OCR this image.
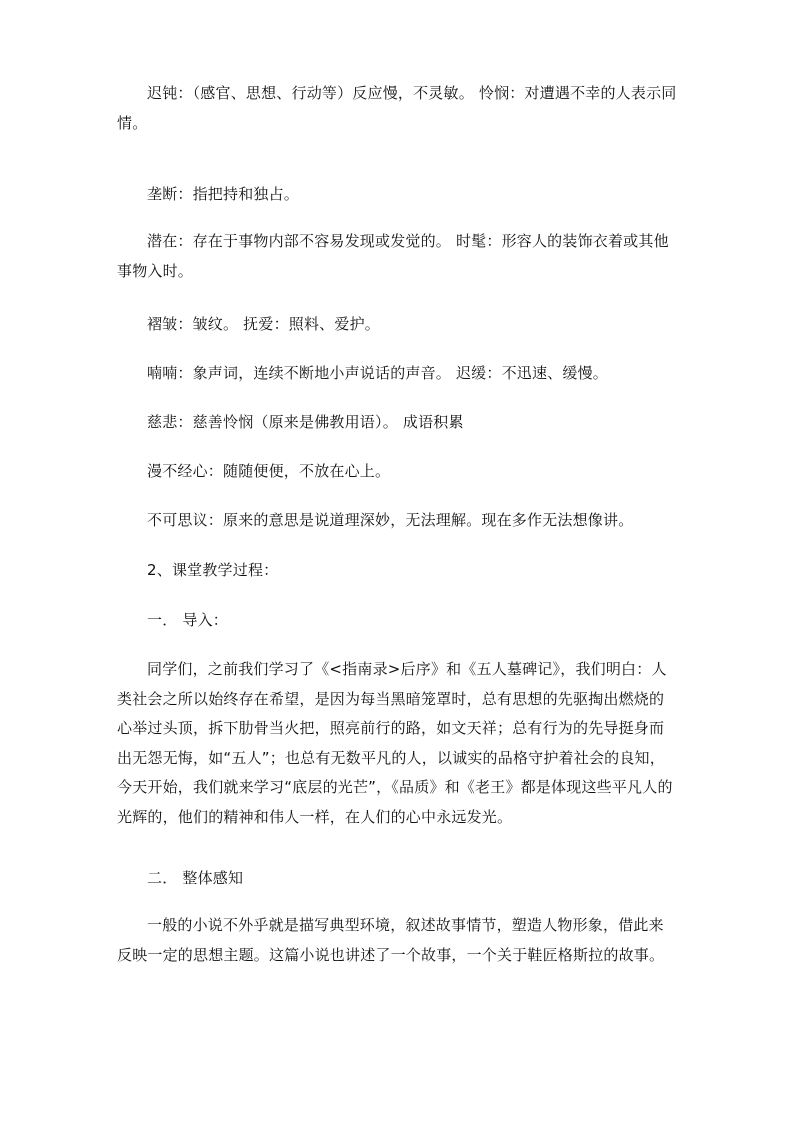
迟钝：（感官、思想、行动等）反应慢，不灵敏。 怜悯：对遭遇不幸的人表示同情。

垄断：指把持和独占。

潜在：存在于事物内部不容易发现或发觉的。 时髦：形容人的装饰衣着或其他事物入时。

褶皱：皱纹。 抚爱：照料、爱护。

喃喃：象声词，连续不断地小声说话的声音。 迟缓：不迅速、缓慢。

慈悲：慈善怜悯（原来是佛教用语）。 成语积累

漫不经心：随随便便，不放在心上。

不可思议：原来的意思是说道理深妙，无法理解。现在多作无法想像讲。

2、课堂教学过程：

一． 导入：

同学们，之前我们学习了《<指南录>后序》和《五人墓碑记》，我们明白：人类社会之所以始终存在希望，是因为每当黑暗笼罩时，总有思想的先驱掏出燃烧的心举过头顶，拆下肋骨当火把，照亮前行的路，如文天祥；总有行为的先导挺身而出无怨无悔，如“五人”；也总有无数平凡的人，以诚实的品格守护着社会的良知，今天开始，我们就来学习“底层的光芒”，《品质》和《老王》都是体现这些平凡人的光辉的，他们的精神和伟人一样，在人们的心中永远发光。

二． 整体感知

一般的小说不外乎就是描写典型环境，叙述故事情节，塑造人物形象，借此来反映一定的思想主题。这篇小说也讲述了一个故事，一个关于鞋匠格斯拉的故事。
